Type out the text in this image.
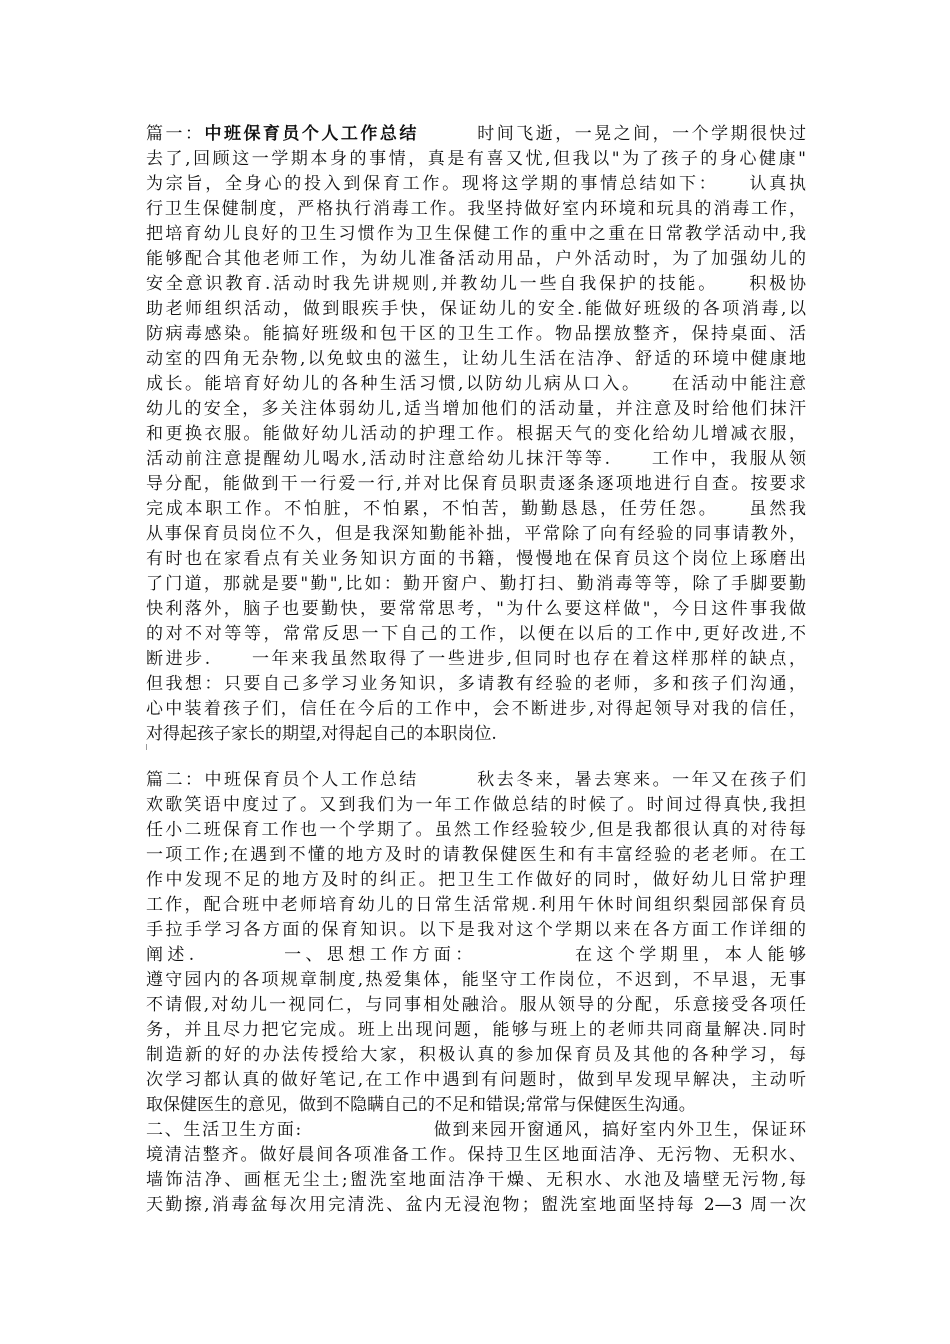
篇一：中班保育员个人工作总结　　　时间飞逝，一晃之间，一个学期很快过
去了,回顾这一学期本身的事情，真是有喜又忧,但我以"为了孩子的身心健康"
为宗旨，全身心的投入到保育工作。现将这学期的事情总结如下：　　认真执
行卫生保健制度，严格执行消毒工作。我坚持做好室内环境和玩具的消毒工作，
把培育幼儿良好的卫生习惯作为卫生保健工作的重中之重在日常教学活动中,我
能够配合其他老师工作，为幼儿准备活动用品，户外活动时，为了加强幼儿的
安全意识教育.活动时我先讲规则,并教幼儿一些自我保护的技能。　　积极协
助老师组织活动，做到眼疾手快，保证幼儿的安全.能做好班级的各项消毒,以
防病毒感染。能搞好班级和包干区的卫生工作。物品摆放整齐，保持桌面、活
动室的四角无杂物,以免蚊虫的滋生，让幼儿生活在洁净、舒适的环境中健康地
成长。能培育好幼儿的各种生活习惯,以防幼儿病从口入。　　在活动中能注意
幼儿的安全，多关注体弱幼儿,适当增加他们的活动量，并注意及时给他们抹汗
和更换衣服。能做好幼儿活动的护理工作。根据天气的变化给幼儿增减衣服，
活动前注意提醒幼儿喝水,活动时注意给幼儿抹汗等等.　　工作中，我服从领
导分配，能做到干一行爱一行,并对比保育员职责逐条逐项地进行自查。按要求
完成本职工作。不怕脏，不怕累，不怕苦，勤勤恳恳，任劳任怨。　　虽然我
从事保育员岗位不久，但是我深知勤能补拙，平常除了向有经验的同事请教外，
有时也在家看点有关业务知识方面的书籍，慢慢地在保育员这个岗位上琢磨出
了门道，那就是要"勤",比如：勤开窗户、勤打扫、勤消毒等等，除了手脚要勤
快利落外，脑子也要勤快，要常常思考，"为什么要这样做"，今日这件事我做
的对不对等等，常常反思一下自己的工作，以便在以后的工作中,更好改进,不
断进步.　　一年来我虽然取得了一些进步,但同时也存在着这样那样的缺点，
但我想：只要自己多学习业务知识，多请教有经验的老师，多和孩子们沟通，
心中装着孩子们，信任在今后的工作中，会不断进步,对得起领导对我的信任，
对得起孩子家长的期望,对得起自己的本职岗位.
篇二：中班保育员个人工作总结　　　秋去冬来，暑去寒来。一年又在孩子们
欢歌笑语中度过了。又到我们为一年工作做总结的时候了。时间过得真快,我担
任小二班保育工作也一个学期了。虽然工作经验较少,但是我都很认真的对待每
一项工作;在遇到不懂的地方及时的请教保健医生和有丰富经验的老老师。在工
作中发现不足的地方及时的纠正。把卫生工作做好的同时，做好幼儿日常护理
工作，配合班中老师培育幼儿的日常生活常规.利用午休时间组织梨园部保育员
手拉手学习各方面的保育知识。以下是我对这个学期以来在各方面工作详细的
阐述.　　　　一、思想工作方面：　　　　　在这个学期里，本人能够
遵守园内的各项规章制度,热爱集体，能坚守工作岗位，不迟到，不早退，无事
不请假,对幼儿一视同仁，与同事相处融洽。服从领导的分配，乐意接受各项任
务，并且尽力把它完成。班上出现问题，能够与班上的老师共同商量解决.同时
制造新的好的办法传授给大家，积极认真的参加保育员及其他的各种学习，每
次学习都认真的做好笔记,在工作中遇到有问题时，做到早发现早解决，主动听
取保健医生的意见，做到不隐瞒自己的不足和错误;常常与保健医生沟通。
二、生活卫生方面:　　　　　　　做到来园开窗通风，搞好室内外卫生，保证环
境清洁整齐。做好晨间各项准备工作。保持卫生区地面洁净、无污物、无积水、
墙饰洁净、画框无尘土;盥洗室地面洁净干燥、无积水、水池及墙壁无污物,每
天勤擦,消毒盆每次用完清洗、盆内无浸泡物；盥洗室地面坚持每 2—3 周一次
